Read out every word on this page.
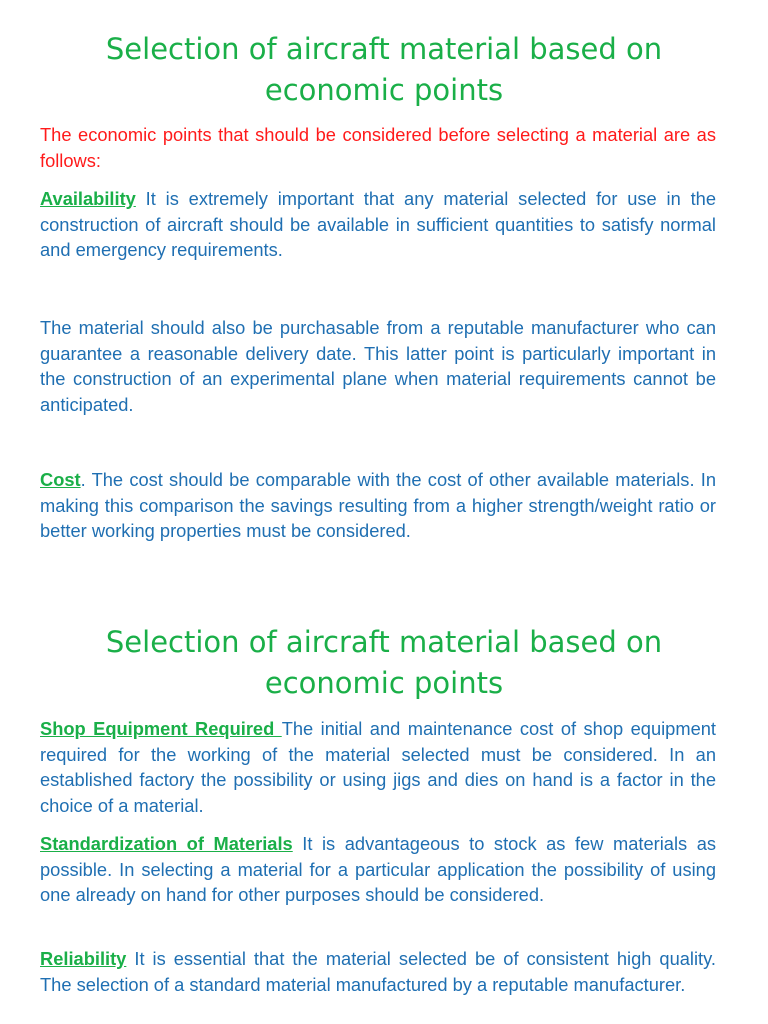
Selection of aircraft material based on economic points

The economic points that should be considered before selecting a material are as follows:

Availability It is extremely important that any material selected for use in the construction of aircraft should be available in sufficient quantities to satisfy normal and emergency requirements.

The material should also be purchasable from a reputable manufacturer who can guarantee a reasonable delivery date. This latter point is particularly important in the construction of an experimental plane when material requirements cannot be anticipated.

Cost. The cost should be comparable with the cost of other available materials. In making this comparison the savings resulting from a higher strength/weight ratio or better working properties must be considered.

Selection of aircraft material based on economic points

Shop Equipment Required The initial and maintenance cost of shop equipment required for the working of the material selected must be considered. In an established factory the possibility or using jigs and dies on hand is a factor in the choice of a material.

Standardization of Materials It is advantageous to stock as few materials as possible. In selecting a material for a particular application the possibility of using one already on hand for other purposes should be considered.

Reliability It is essential that the material selected be of consistent high quality. The selection of a standard material manufactured by a reputable manufacturer.
